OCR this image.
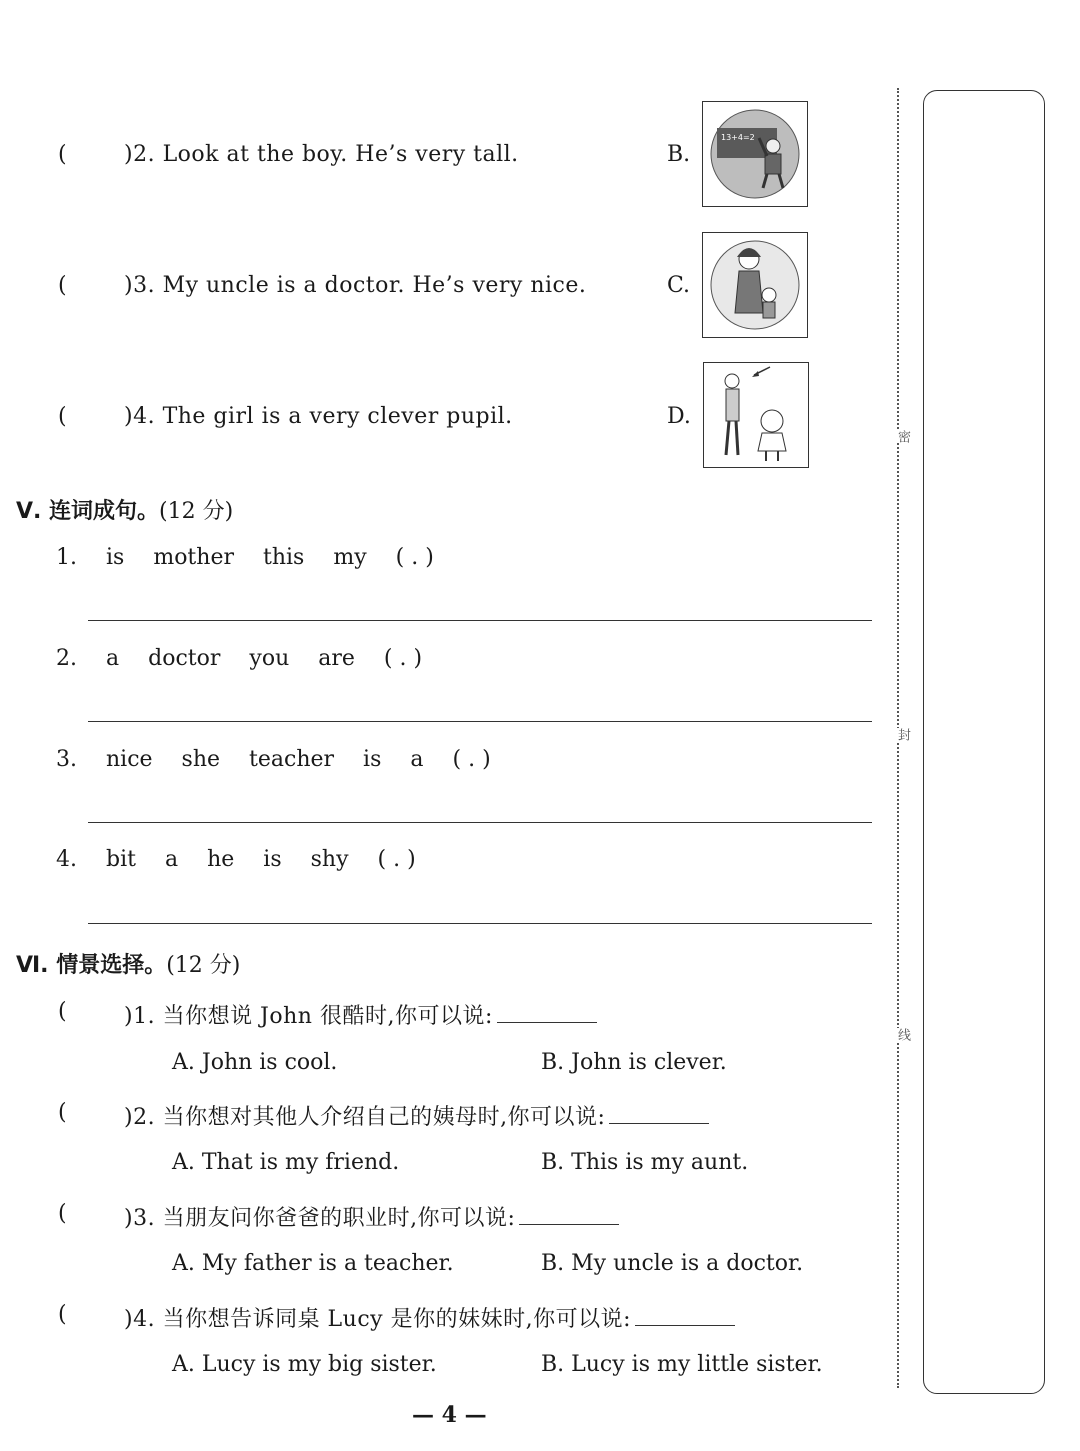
(	)2. Look at the boy. He’s very tall.	B.
13+4=2
(	)3. My uncle is a doctor. He’s very nice.	C.
(	)4. The girl is a very clever pupil.	D.
Ⅴ. 连词成句。(12 分)
1. is mother this my ( . )
2. a doctor you are ( . )
3. nice she teacher is a ( . )
4. bit a he is shy ( . )
Ⅵ. 情景选择。(12 分)
(	)1. 当你想说 John 很酷时,你可以说:
A. John is cool.	B. John is clever.
(	)2. 当你想对其他人介绍自己的姨母时,你可以说:
A. That is my friend.	B. This is my aunt.
(	)3. 当朋友问你爸爸的职业时,你可以说:
A. My father is a teacher.	B. My uncle is a doctor.
(	)4. 当你想告诉同桌 Lucy 是你的妹妹时,你可以说:
A. Lucy is my big sister.	B. Lucy is my little sister.
密
封
线
— 4 —
